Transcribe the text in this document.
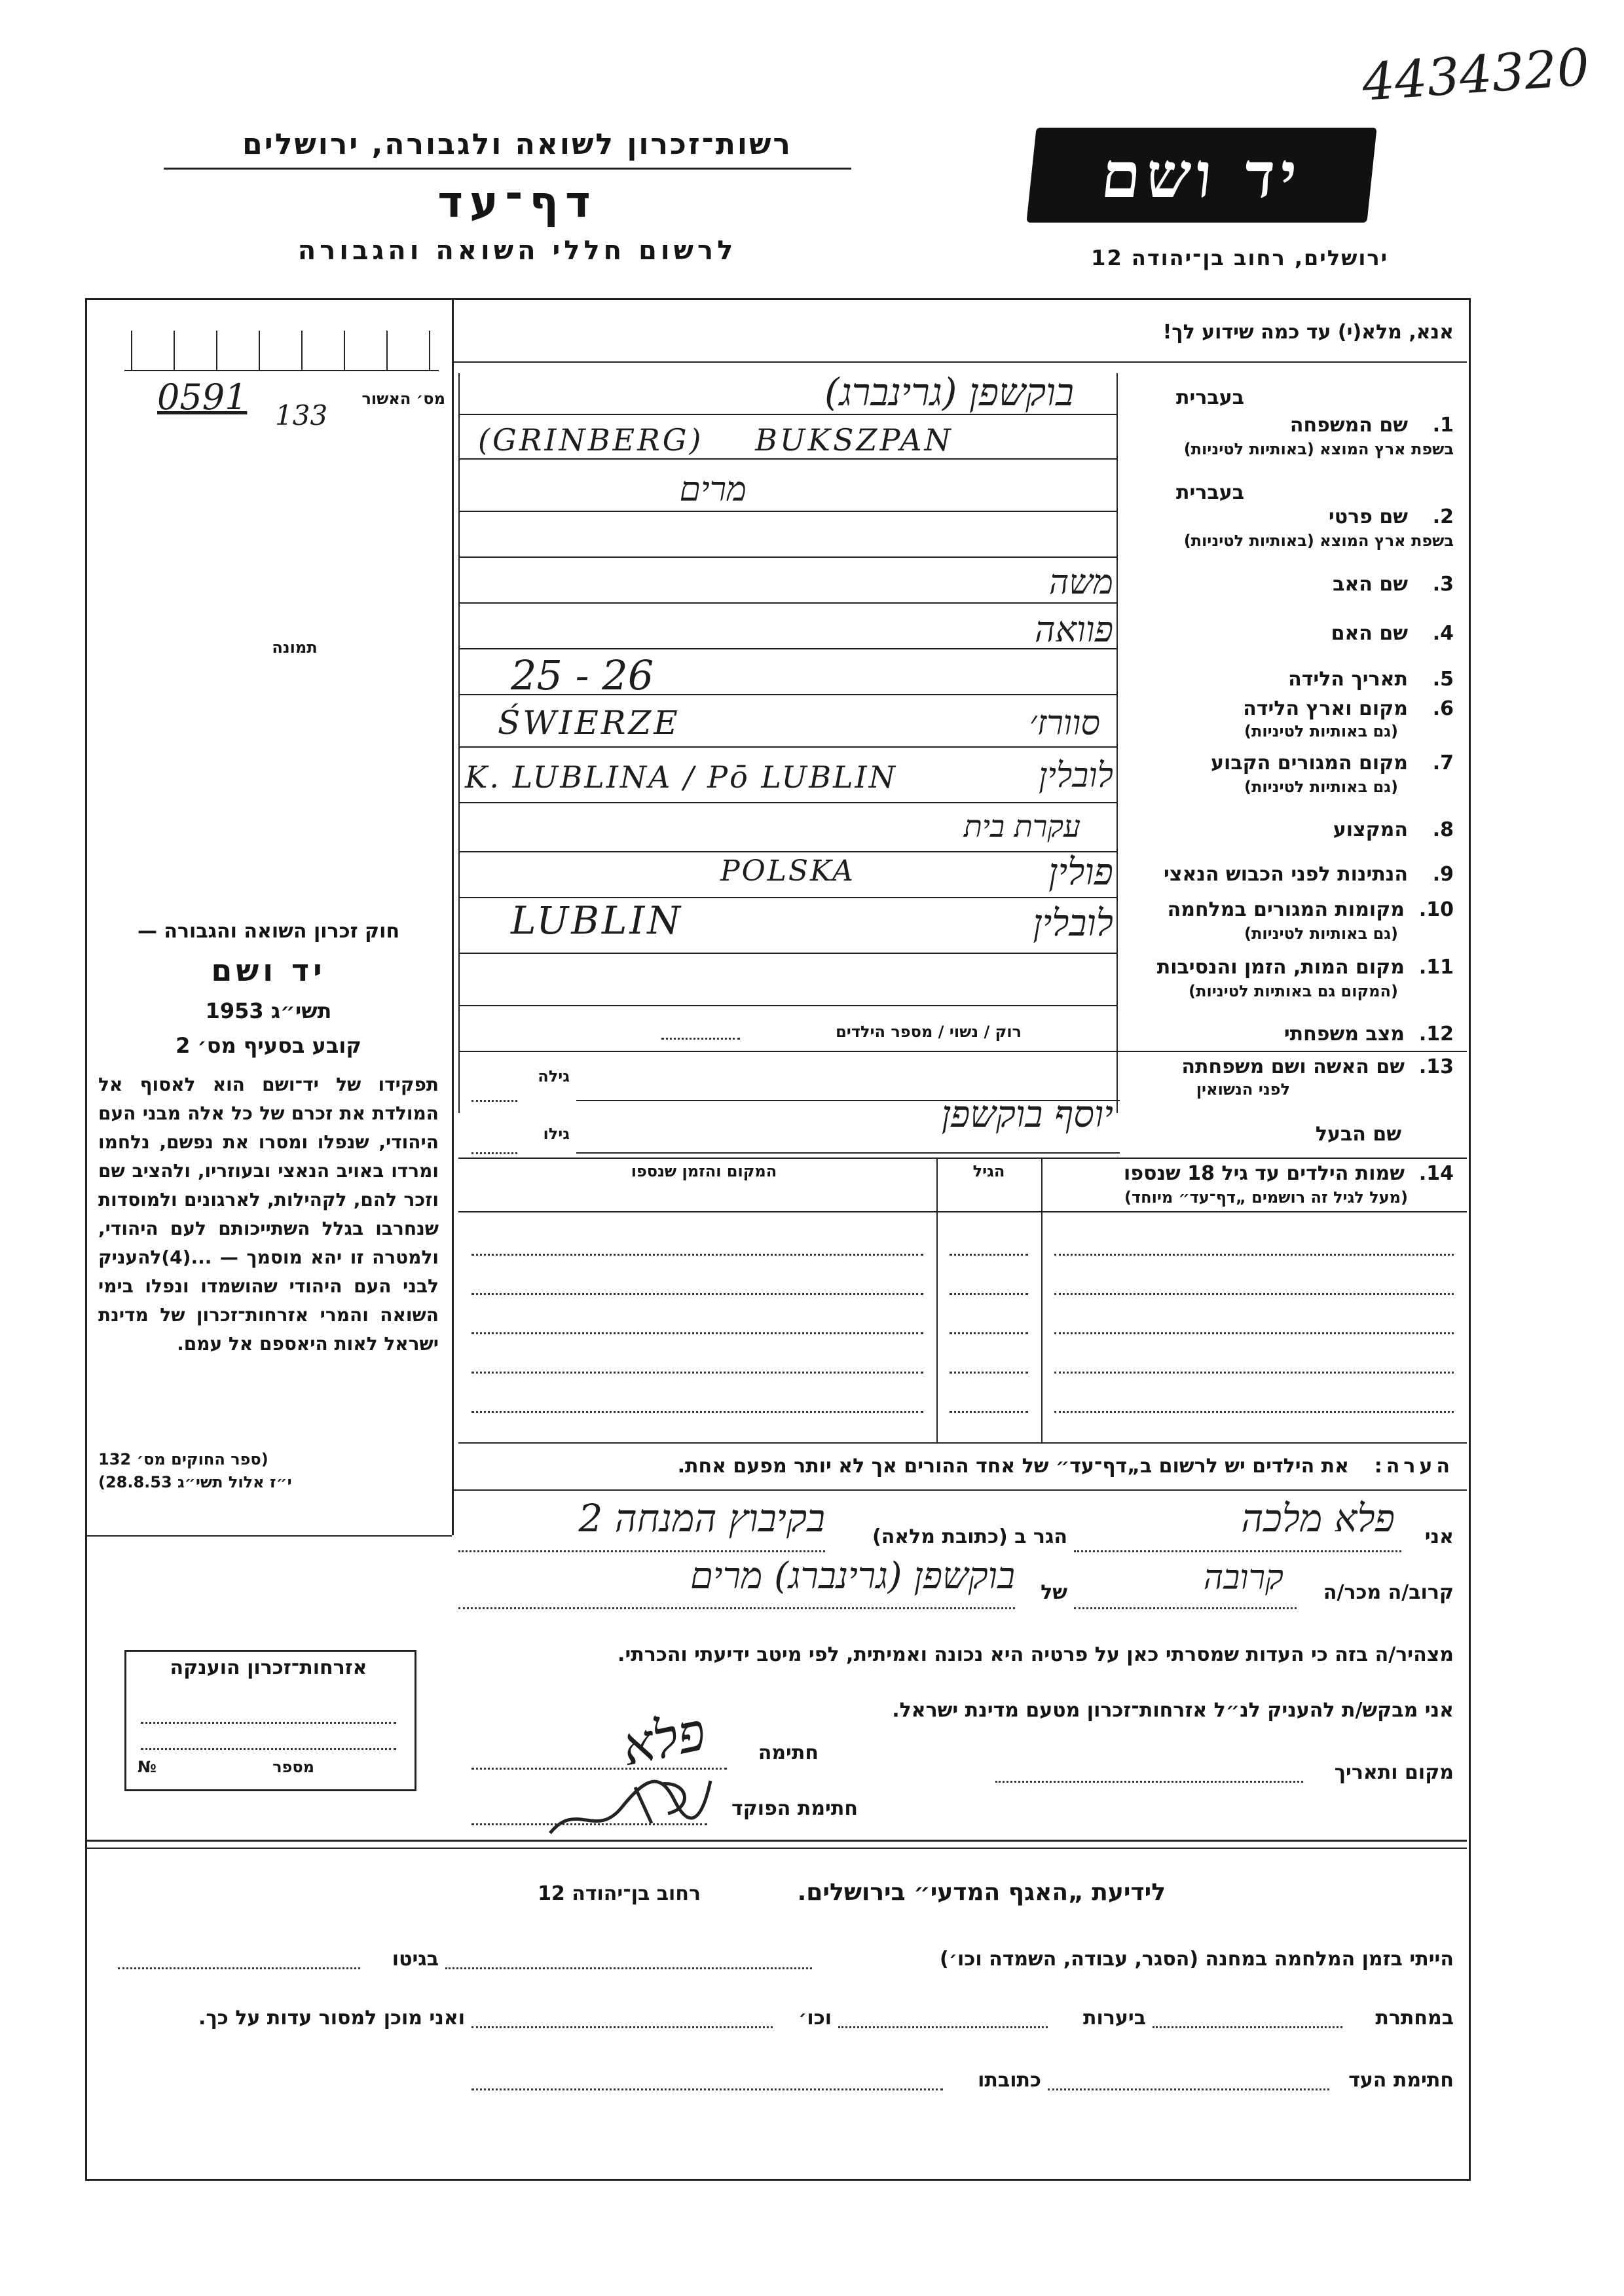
4434320
רשות־זכרון לשואה ולגבורה, ירושלים
דף־עד
לרשום חללי השואה והגבורה
יד ושם
ירושלים, רחוב בן־יהודה 12
מס׳ האשור
0591 133
תמונה
חוק זכרון השואה והגבורה —
יד ושם
תשי״ג 1953
קובע בסעיף מס׳ 2
תפקידו של יד־ושם הוא לאסוף אל המולדת את זכרם של כל אלה מבני העם היהודי, שנפלו ומסרו את נפשם, נלחמו ומרדו באויב הנאצי ובעוזריו, ולהציב שם וזכר להם, לקהילות, לארגונים ולמוסדות שנחרבו בגלל השתייכותם לעם היהודי, ולמטרה זו יהא מוסמך — ...(4)להעניק לבני העם היהודי שהושמדו ונפלו בימי השואה והמרי אזרחות־זכרון של מדינת ישראל לאות היאספם אל עמם.
(ספר החוקים מס׳ 132
י״ז אלול תשי״ג 28.8.53)
אזרחות־זכרון הוענקה
מספר
№
אנא, מלא(י) עד כמה שידוע לך!
בעברית
1.
שם המשפחה
בשפת ארץ המוצא (באותיות לטיניות)
בוקשפן (גרינברג)
(GRINBERG) BUKSZPAN
בעברית
2.
שם פרטי
בשפת ארץ המוצא (באותיות לטיניות)
מרים
3.
שם האב
משה
4.
שם האם
פוואה
5.
תאריך הלידה
25 - 26
6.
מקום וארץ הלידה
(גם באותיות לטיניות)
ŚWIERZE	סוורז׳
7.
מקום המגורים הקבוע
(גם באותיות לטיניות)
K. LUBLINA / Pō LUBLIN	לובלין
8.
המקצוע
עקרת בית
9.
הנתינות לפני הכבוש הנאצי
POLSKA	פולין
10.
מקומות המגורים במלחמה
(גם באותיות לטיניות)
LUBLIN	לובלין
11.
מקום המות, הזמן והנסיבות
(המקום גם באותיות לטיניות)
12.
מצב משפחתי
רוק / נשוי / מספר הילדים
13.
שם האשה ושם משפחתה
לפני הנשואין
גילה
שם הבעל
יוסף בוקשפן
גילו
14.
שמות הילדים עד גיל 18 שנספו
(מעל לגיל זה רושמים „דף־עד״ מיוחד)
הגיל
המקום והזמן שנספו
הערה:
את הילדים יש לרשום ב„דף־עד״ של אחד ההורים אך לא יותר מפעם אחת.
אני
פלא מלכה
הגר ב (כתובת מלאה)
בקיבוץ המנחה 2
קרוב/ה מכר/ה
קרובה
של
בוקשפן (גרינברג) מרים
מצהיר/ה בזה כי העדות שמסרתי כאן על פרטיה היא נכונה ואמיתית, לפי מיטב ידיעתי והכרתי.
אני מבקש/ת להעניק לנ״ל אזרחות־זכרון מטעם מדינת ישראל.
מקום ותאריך
חתימה
פלא
חתימת הפוקד
לידיעת „האגף המדעי״ בירושלים.
רחוב בן־יהודה 12
הייתי בזמן המלחמה במחנה (הסגר, עבודה, השמדה וכו׳)
בגיטו
במחתרת
ביערות
וכו׳
ואני מוכן למסור עדות על כך.
חתימת העד
כתובתו
